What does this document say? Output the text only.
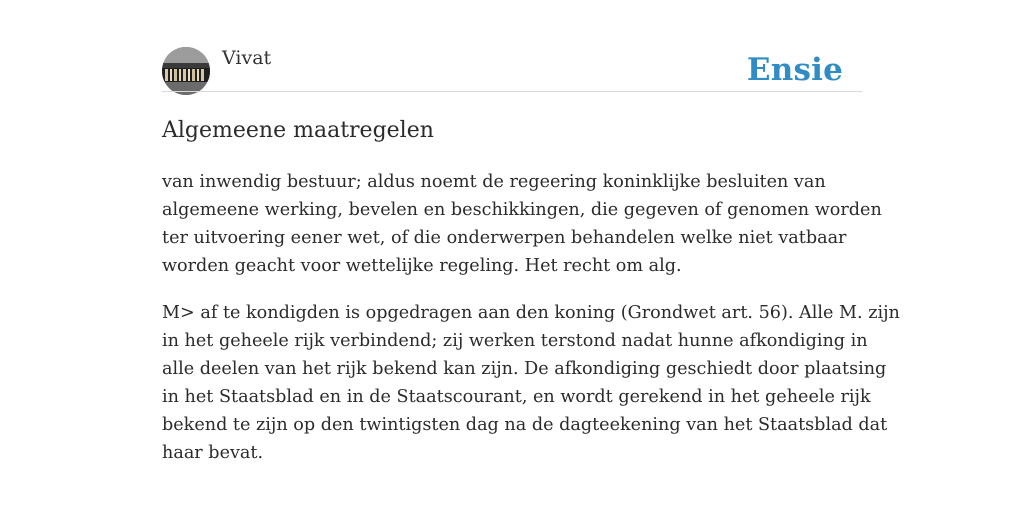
Vivat	Ensie
Algemeene maatregelen

van inwendig bestuur; aldus noemt de regeering koninklijke besluiten van
algemeene werking, bevelen en beschikkingen, die gegeven of genomen worden
ter uitvoering eener wet, of die onderwerpen behandelen welke niet vatbaar
worden geacht voor wettelijke regeling. Het recht om alg.

M> af te kondigden is opgedragen aan den koning (Grondwet art. 56). Alle M. zijn
in het geheele rijk verbindend; zij werken terstond nadat hunne afkondiging in
alle deelen van het rijk bekend kan zijn. De afkondiging geschiedt door plaatsing
in het Staatsblad en in de Staatscourant, en wordt gerekend in het geheele rijk
bekend te zijn op den twintigsten dag na de dagteekening van het Staatsblad dat
haar bevat.
